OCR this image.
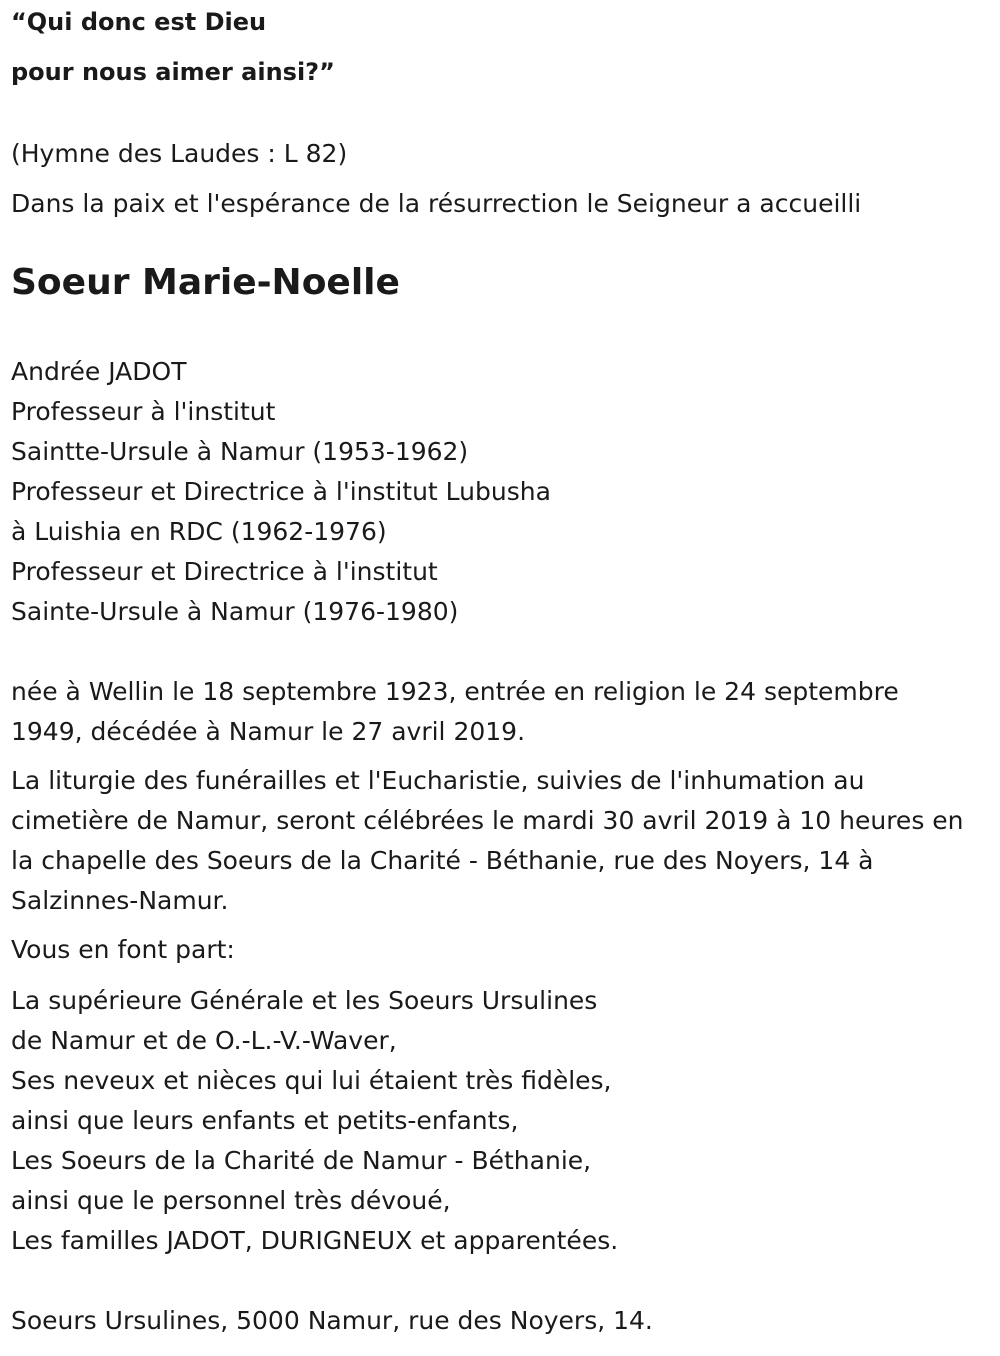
“Qui donc est Dieu

pour nous aimer ainsi?”

(Hymne des Laudes : L 82)

Dans la paix et l'espérance de la résurrection le Seigneur a accueilli

Soeur Marie-Noelle

Andrée JADOT

Professeur à l'institut

Saintte-Ursule à Namur (1953-1962)

Professeur et Directrice à l'institut Lubusha

à Luishia en RDC (1962-1976)

Professeur et Directrice à l'institut

Sainte-Ursule à Namur (1976-1980)

née à Wellin le 18 septembre 1923, entrée en religion le 24 septembre 1949, décédée à Namur le 27 avril 2019.

La liturgie des funérailles et l'Eucharistie, suivies de l'inhumation au cimetière de Namur, seront célébrées le mardi 30 avril 2019 à 10 heures en la chapelle des Soeurs de la Charité - Béthanie, rue des Noyers, 14 à Salzinnes-Namur.

Vous en font part:

La supérieure Générale et les Soeurs Ursulines

de Namur et de O.-L.-V.-Waver,

Ses neveux et nièces qui lui étaient très fidèles,

ainsi que leurs enfants et petits-enfants,

Les Soeurs de la Charité de Namur - Béthanie,

ainsi que le personnel très dévoué,

Les familles JADOT, DURIGNEUX et apparentées.

Soeurs Ursulines, 5000 Namur, rue des Noyers, 14.
